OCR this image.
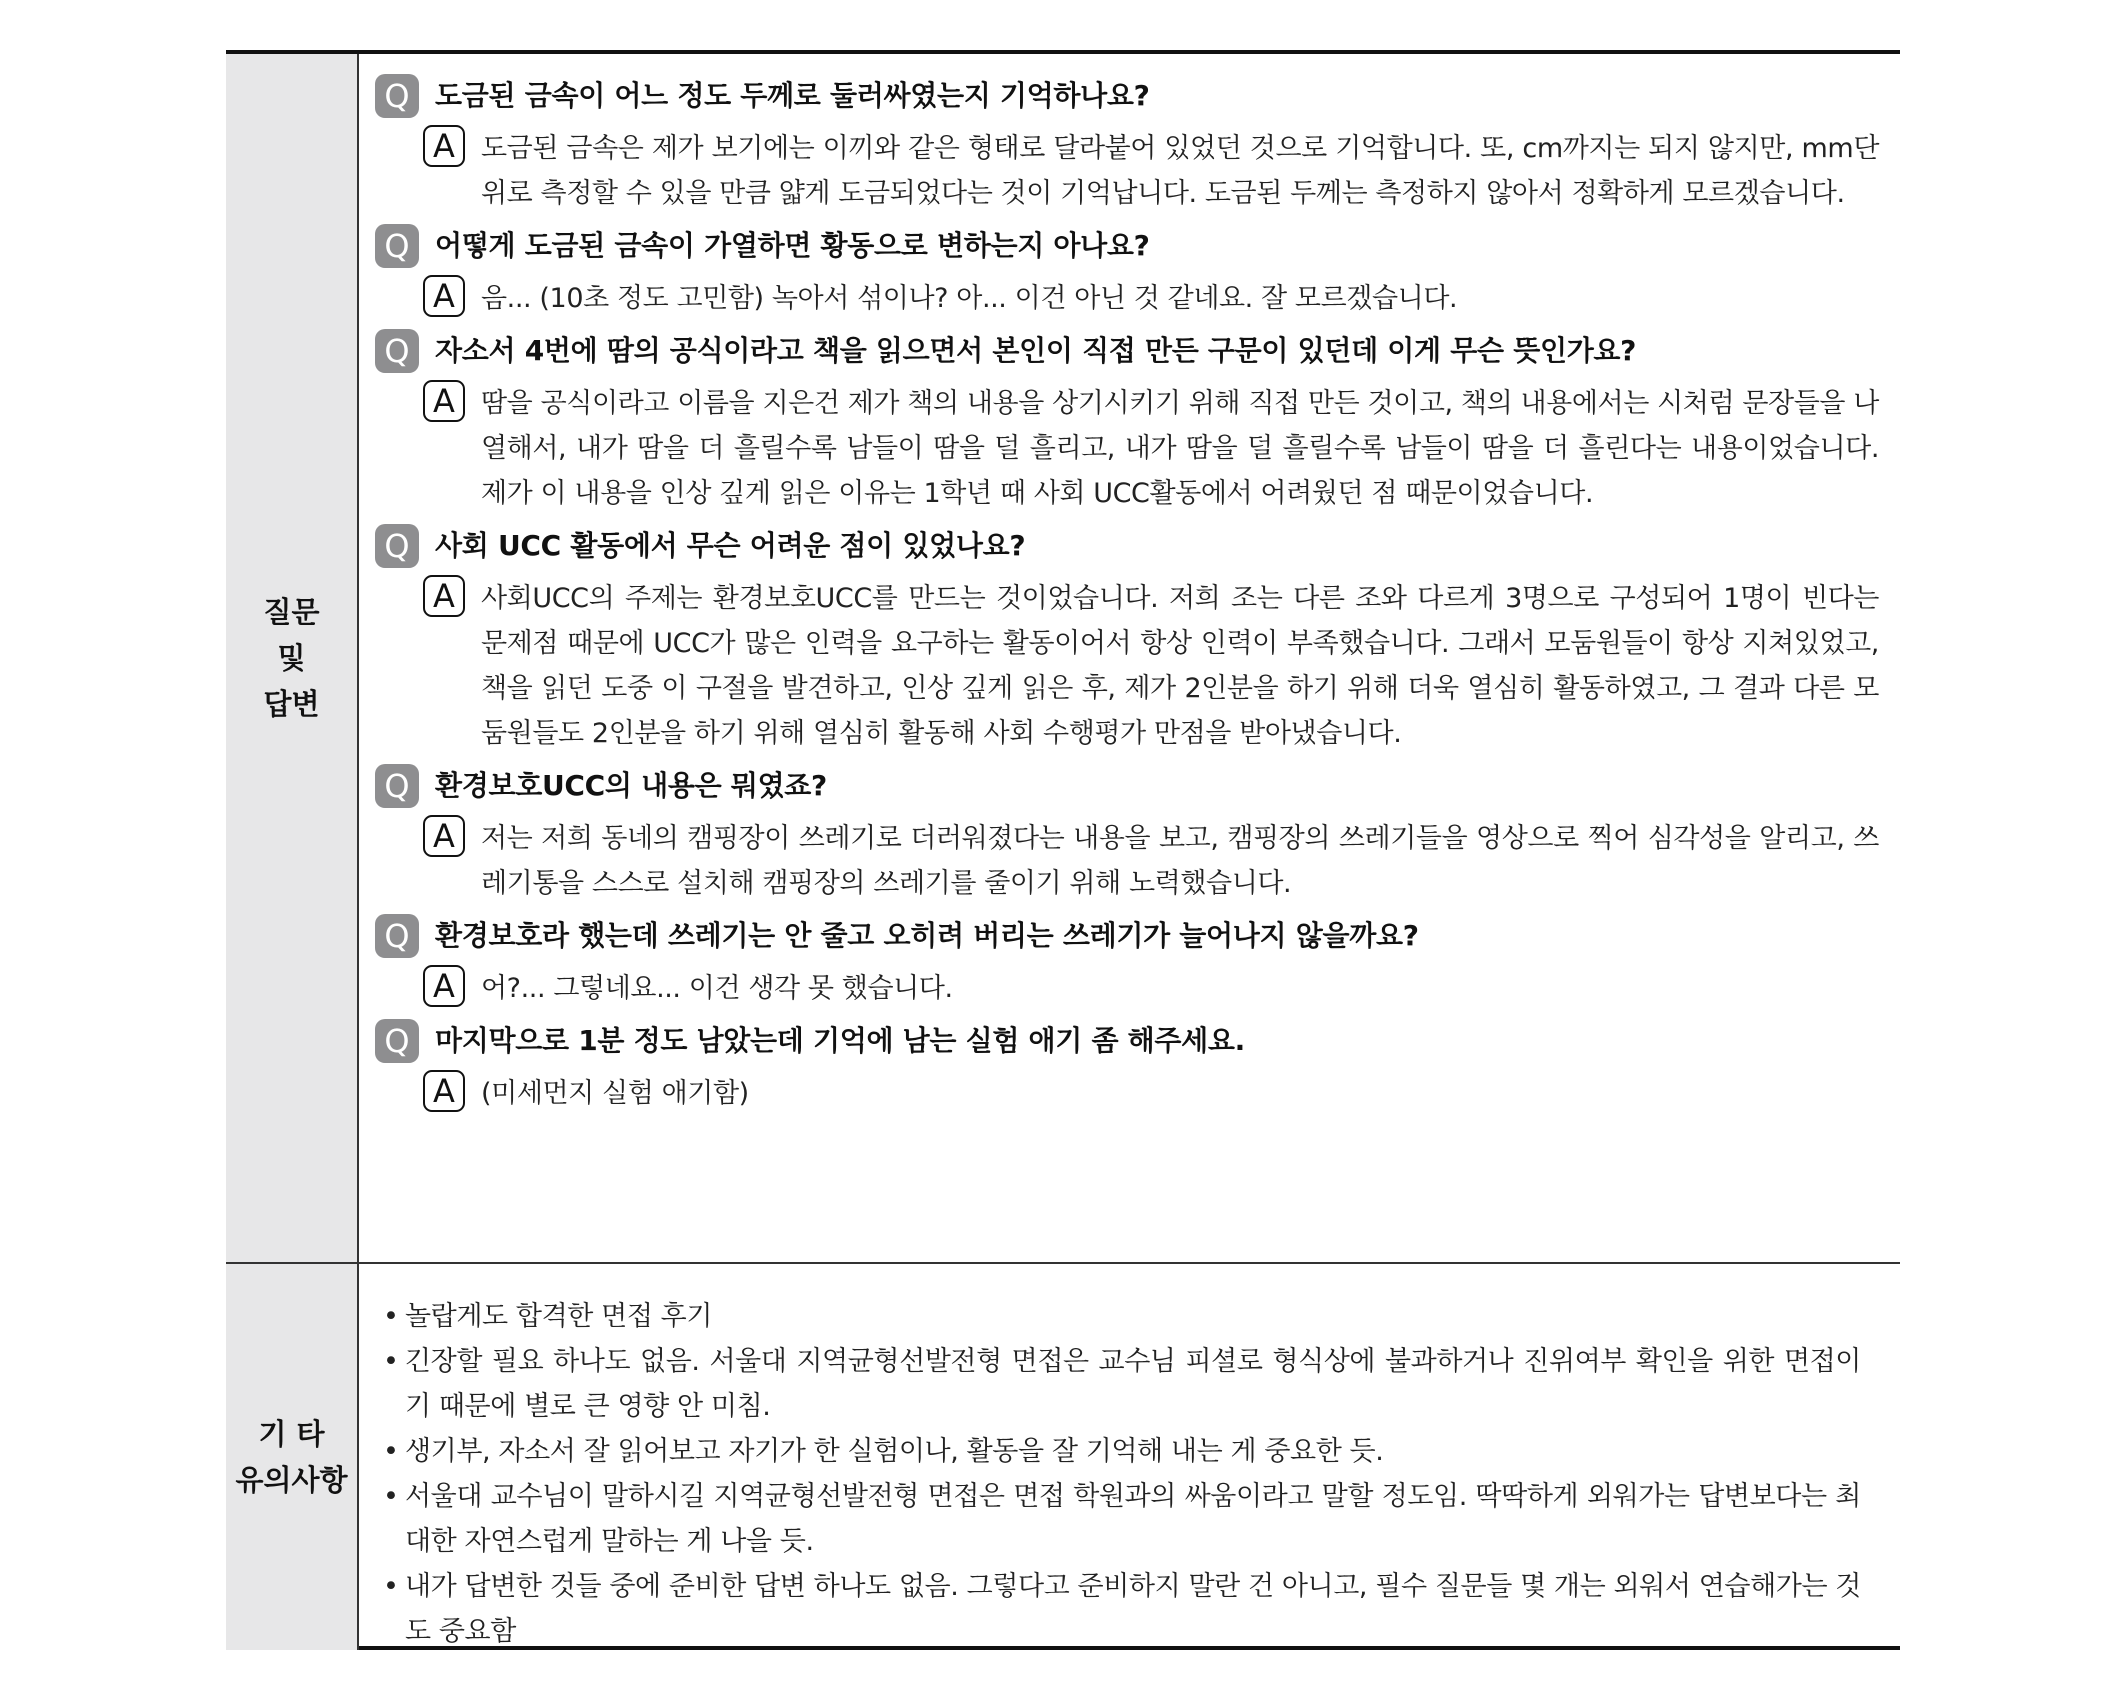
질문
및
답변
Q 도금된 금속이 어느 정도 두께로 둘러싸였는지 기억하나요?
A 도금된 금속은 제가 보기에는 이끼와 같은 형태로 달라붙어 있었던 것으로 기억합니다. 또, cm까지는 되지 않지만, mm단위로 측정할 수 있을 만큼 얇게 도금되었다는 것이 기억납니다. 도금된 두께는 측정하지 않아서 정확하게 모르겠습니다.
Q 어떻게 도금된 금속이 가열하면 황동으로 변하는지 아나요?
A 음... (10초 정도 고민함) 녹아서 섞이나? 아... 이건 아닌 것 같네요. 잘 모르겠습니다.
Q 자소서 4번에 땀의 공식이라고 책을 읽으면서 본인이 직접 만든 구문이 있던데 이게 무슨 뜻인가요?
A 땀을 공식이라고 이름을 지은건 제가 책의 내용을 상기시키기 위해 직접 만든 것이고, 책의 내용에서는 시처럼 문장들을 나열해서, 내가 땀을 더 흘릴수록 남들이 땀을 덜 흘리고, 내가 땀을 덜 흘릴수록 남들이 땀을 더 흘린다는 내용이었습니다. 제가 이 내용을 인상 깊게 읽은 이유는 1학년 때 사회 UCC활동에서 어려웠던 점 때문이었습니다.
Q 사회 UCC 활동에서 무슨 어려운 점이 있었나요?
A 사회UCC의 주제는 환경보호UCC를 만드는 것이었습니다. 저희 조는 다른 조와 다르게 3명으로 구성되어 1명이 빈다는 문제점 때문에 UCC가 많은 인력을 요구하는 활동이어서 항상 인력이 부족했습니다. 그래서 모둠원들이 항상 지쳐있었고, 책을 읽던 도중 이 구절을 발견하고, 인상 깊게 읽은 후, 제가 2인분을 하기 위해 더욱 열심히 활동하였고, 그 결과 다른 모둠원들도 2인분을 하기 위해 열심히 활동해 사회 수행평가 만점을 받아냈습니다.
Q 환경보호UCC의 내용은 뭐였죠?
A 저는 저희 동네의 캠핑장이 쓰레기로 더러워졌다는 내용을 보고, 캠핑장의 쓰레기들을 영상으로 찍어 심각성을 알리고, 쓰레기통을 스스로 설치해 캠핑장의 쓰레기를 줄이기 위해 노력했습니다.
Q 환경보호라 했는데 쓰레기는 안 줄고 오히려 버리는 쓰레기가 늘어나지 않을까요?
A 어?... 그렇네요... 이건 생각 못 했습니다.
Q 마지막으로 1분 정도 남았는데 기억에 남는 실험 애기 좀 해주세요.
A (미세먼지 실험 애기함)
기 타
유의사항
• 놀랍게도 합격한 면접 후기
• 긴장할 필요 하나도 없음. 서울대 지역균형선발전형 면접은 교수님 피셜로 형식상에 불과하거나 진위여부 확인을 위한 면접이기 때문에 별로 큰 영향 안 미침.
• 생기부, 자소서 잘 읽어보고 자기가 한 실험이나, 활동을 잘 기억해 내는 게 중요한 듯.
• 서울대 교수님이 말하시길 지역균형선발전형 면접은 면접 학원과의 싸움이라고 말할 정도임. 딱딱하게 외워가는 답변보다는 최대한 자연스럽게 말하는 게 나을 듯.
• 내가 답변한 것들 중에 준비한 답변 하나도 없음. 그렇다고 준비하지 말란 건 아니고, 필수 질문들 몇 개는 외워서 연습해가는 것도 중요함
